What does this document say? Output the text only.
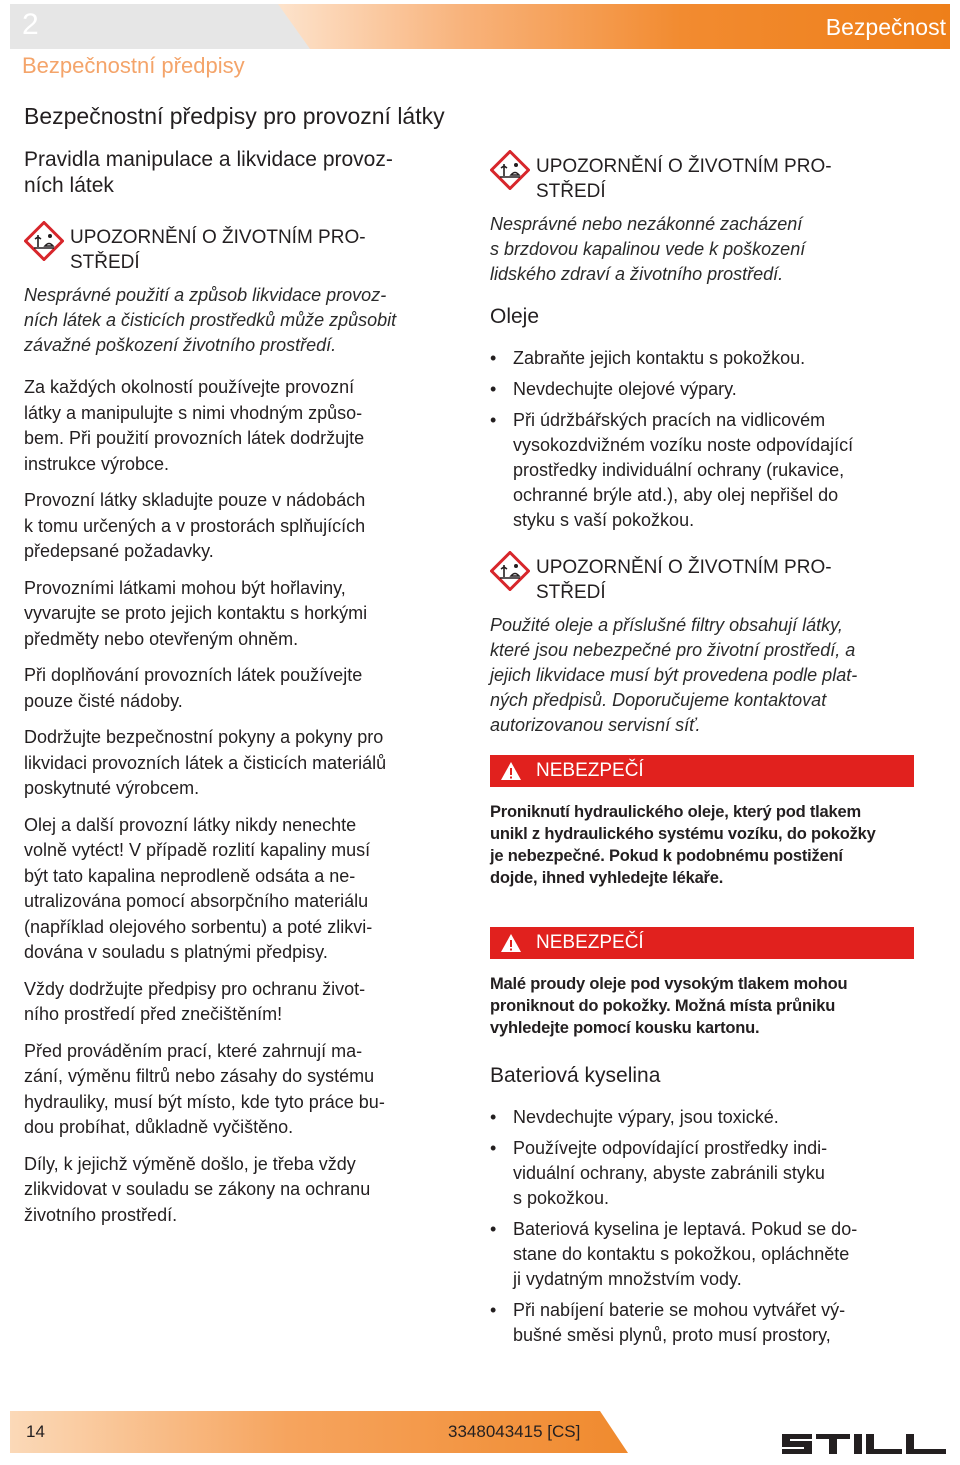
2
Bezpečnostní předpisy
Bezpečnost
Bezpečnostní předpisy pro provozní látky
Pravidla manipulace a likvidace provoz-
ních látek
UPOZORNĚNÍ O ŽIVOTNÍM PRO-
STŘEDÍ

Nesprávné použití a způsob likvidace provoz-
ních látek a čisticích prostředků může způsobit
závažné poškození životního prostředí.

Za každých okolností používejte provozní
látky a manipulujte s nimi vhodným způso-
bem. Při použití provozních látek dodržujte
instrukce výrobce.

Provozní látky skladujte pouze v nádobách
k tomu určených a v prostorách splňujících
předepsané požadavky.

Provozními látkami mohou být hořlaviny,
vyvarujte se proto jejich kontaktu s horkými
předměty nebo otevřeným ohněm.

Při doplňování provozních látek používejte
pouze čisté nádoby.

Dodržujte bezpečnostní pokyny a pokyny pro
likvidaci provozních látek a čisticích materiálů
poskytnuté výrobcem.

Olej a další provozní látky nikdy nenechte
volně vytéct! V případě rozlití kapaliny musí
být tato kapalina neprodleně odsáta a ne-
utralizována pomocí absorpčního materiálu
(například olejového sorbentu) a poté zlikvi-
dována v souladu s platnými předpisy.

Vždy dodržujte předpisy pro ochranu život-
ního prostředí před znečištěním!

Před prováděním prací, které zahrnují ma-
zání, výměnu filtrů nebo zásahy do systému
hydrauliky, musí být místo, kde tyto práce bu-
dou probíhat, důkladně vyčištěno.

Díly, k jejichž výměně došlo, je třeba vždy
zlikvidovat v souladu se zákony na ochranu
životního prostředí.

UPOZORNĚNÍ O ŽIVOTNÍM PRO-
STŘEDÍ

Nesprávné nebo nezákonné zacházení
s brzdovou kapalinou vede k poškození
lidského zdraví a životního prostředí.

Oleje
• Zabraňte jejich kontaktu s pokožkou.
• Nevdechujte olejové výpary.
• Při údržbářských pracích na vidlicovém
vysokozdvižném vozíku noste odpovídající
prostředky individuální ochrany (rukavice,
ochranné brýle atd.), aby olej nepřišel do
styku s vaší pokožkou.
UPOZORNĚNÍ O ŽIVOTNÍM PRO-
STŘEDÍ

Použité oleje a příslušné filtry obsahují látky,
které jsou nebezpečné pro životní prostředí, a
jejich likvidace musí být provedena podle plat-
ných předpisů. Doporučujeme kontaktovat
autorizovanou servisní síť.

NEBEZPEČÍ

Proniknutí hydraulického oleje, který pod tlakem
unikl z hydraulického systému vozíku, do pokožky
je nebezpečné. Pokud k podobnému postižení
dojde, ihned vyhledejte lékaře.

NEBEZPEČÍ

Malé proudy oleje pod vysokým tlakem mohou
proniknout do pokožky. Možná místa průniku
vyhledejte pomocí kousku kartonu.

Bateriová kyselina
• Nevdechujte výpary, jsou toxické.
• Používejte odpovídající prostředky indi-
viduální ochrany, abyste zabránili styku
s pokožkou.
• Bateriová kyselina je leptavá. Pokud se do-
stane do kontaktu s pokožkou, opláchněte
ji vydatným množstvím vody.
• Při nabíjení baterie se mohou vytvářet vý-
bušné směsi plynů, proto musí prostory,
14	3348043415 [CS]
